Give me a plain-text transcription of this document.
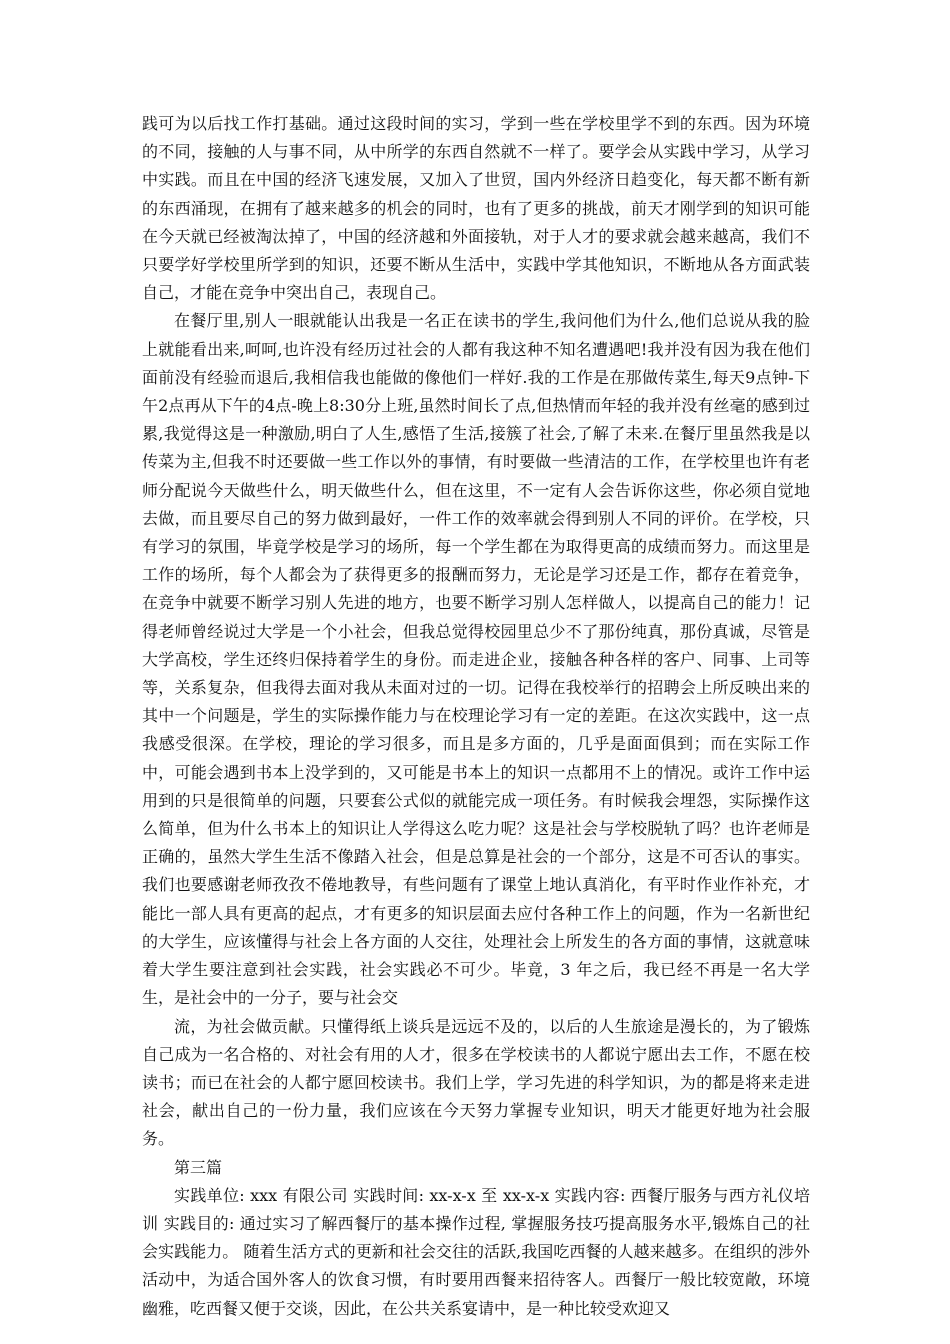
践可为以后找工作打基础。通过这段时间的实习，学到一些在学校里学不到的东西。因为环境的不同，接触的人与事不同，从中所学的东西自然就不一样了。要学会从实践中学习，从学习中实践。而且在中国的经济飞速发展，又加入了世贸，国内外经济日趋变化，每天都不断有新的东西涌现，在拥有了越来越多的机会的同时，也有了更多的挑战，前天才刚学到的知识可能在今天就已经被淘汰掉了，中国的经济越和外面接轨，对于人才的要求就会越来越高，我们不只要学好学校里所学到的知识，还要不断从生活中，实践中学其他知识，不断地从各方面武装自己，才能在竞争中突出自己，表现自己。

在餐厅里,别人一眼就能认出我是一名正在读书的学生,我问他们为什么,他们总说从我的脸上就能看出来,呵呵,也许没有经历过社会的人都有我这种不知名遭遇吧!我并没有因为我在他们面前没有经验而退后,我相信我也能做的像他们一样好.我的工作是在那做传菜生,每天9点钟-下午2点再从下午的4点-晚上8:30分上班,虽然时间长了点,但热情而年轻的我并没有丝毫的感到过累,我觉得这是一种激励,明白了人生,感悟了生活,接簇了社会,了解了未来.在餐厅里虽然我是以传菜为主,但我不时还要做一些工作以外的事情，有时要做一些清洁的工作，在学校里也许有老师分配说今天做些什么，明天做些什么，但在这里，不一定有人会告诉你这些，你必须自觉地去做，而且要尽自己的努力做到最好，一件工作的效率就会得到别人不同的评价。在学校，只有学习的氛围，毕竟学校是学习的场所，每一个学生都在为取得更高的成绩而努力。而这里是工作的场所，每个人都会为了获得更多的报酬而努力，无论是学习还是工作，都存在着竞争，在竞争中就要不断学习别人先进的地方，也要不断学习别人怎样做人，以提高自己的能力！记得老师曾经说过大学是一个小社会，但我总觉得校园里总少不了那份纯真，那份真诚，尽管是大学高校，学生还终归保持着学生的身份。而走进企业，接触各种各样的客户、同事、上司等等，关系复杂，但我得去面对我从未面对过的一切。记得在我校举行的招聘会上所反映出来的其中一个问题是，学生的实际操作能力与在校理论学习有一定的差距。在这次实践中，这一点我感受很深。在学校，理论的学习很多，而且是多方面的，几乎是面面俱到；而在实际工作中，可能会遇到书本上没学到的，又可能是书本上的知识一点都用不上的情况。或许工作中运用到的只是很简单的问题，只要套公式似的就能完成一项任务。有时候我会埋怨，实际操作这么简单，但为什么书本上的知识让人学得这么吃力呢？这是社会与学校脱轨了吗？也许老师是正确的，虽然大学生生活不像踏入社会，但是总算是社会的一个部分，这是不可否认的事实。我们也要感谢老师孜孜不倦地教导，有些问题有了课堂上地认真消化，有平时作业作补充，才能比一部人具有更高的起点，才有更多的知识层面去应付各种工作上的问题，作为一名新世纪的大学生，应该懂得与社会上各方面的人交往，处理社会上所发生的各方面的事情，这就意味着大学生要注意到社会实践，社会实践必不可少。毕竟，3 年之后，我已经不再是一名大学生，是社会中的一分子，要与社会交

流，为社会做贡献。只懂得纸上谈兵是远远不及的，以后的人生旅途是漫长的，为了锻炼自己成为一名合格的、对社会有用的人才，很多在学校读书的人都说宁愿出去工作，不愿在校读书；而已在社会的人都宁愿回校读书。我们上学，学习先进的科学知识，为的都是将来走进社会，献出自己的一份力量，我们应该在今天努力掌握专业知识，明天才能更好地为社会服务。

第三篇

实践单位: xxx 有限公司 实践时间: xx-x-x 至 xx-x-x 实践内容: 西餐厅服务与西方礼仪培训 实践目的: 通过实习了解西餐厅的基本操作过程, 掌握服务技巧提高服务水平,锻炼自己的社会实践能力。 随着生活方式的更新和社会交往的活跃,我国吃西餐的人越来越多。在组织的涉外活动中，为适合国外客人的饮食习惯，有时要用西餐来招待客人。西餐厅一般比较宽敞，环境幽雅，吃西餐又便于交谈，因此，在公共关系宴请中，是一种比较受欢迎又
